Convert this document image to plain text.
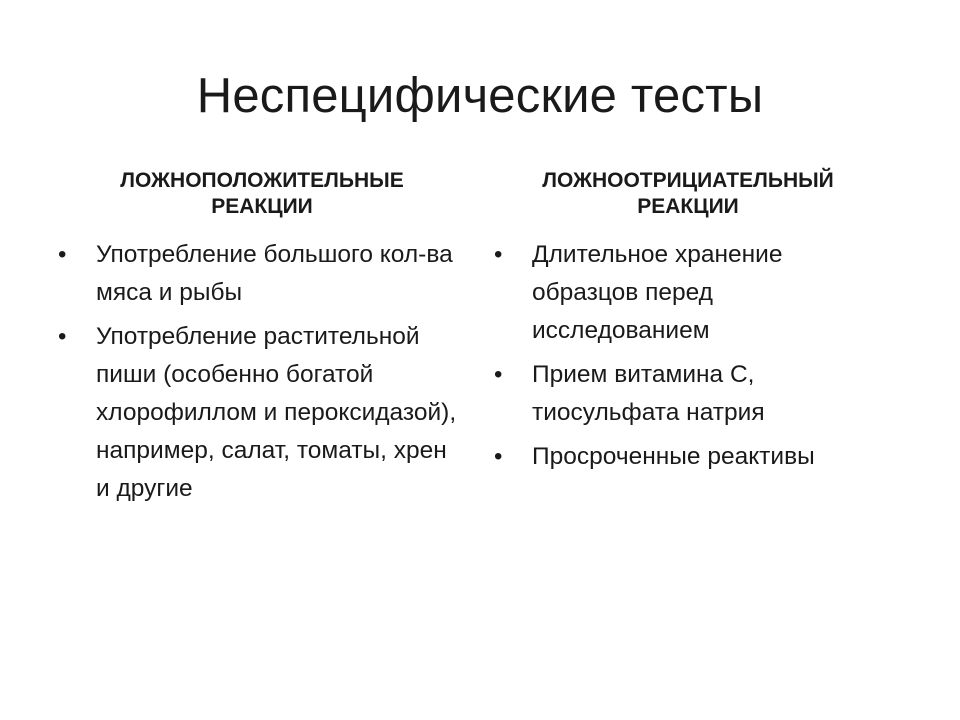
Неспецифические тесты
ЛОЖНОПОЛОЖИТЕЛЬНЫЕ
РЕАКЦИИ
• Употребление большого кол-ва мяса и рыбы
• Употребление растительной пиши (особенно богатой хлорофиллом и пероксидазой), например, салат, томаты, хрен и другие
ЛОЖНООТРИЦИАТЕЛЬНЫЙ
РЕАКЦИИ
• Длительное хранение образцов перед исследованием
• Прием витамина С, тиосульфата натрия
• Просроченные реактивы
